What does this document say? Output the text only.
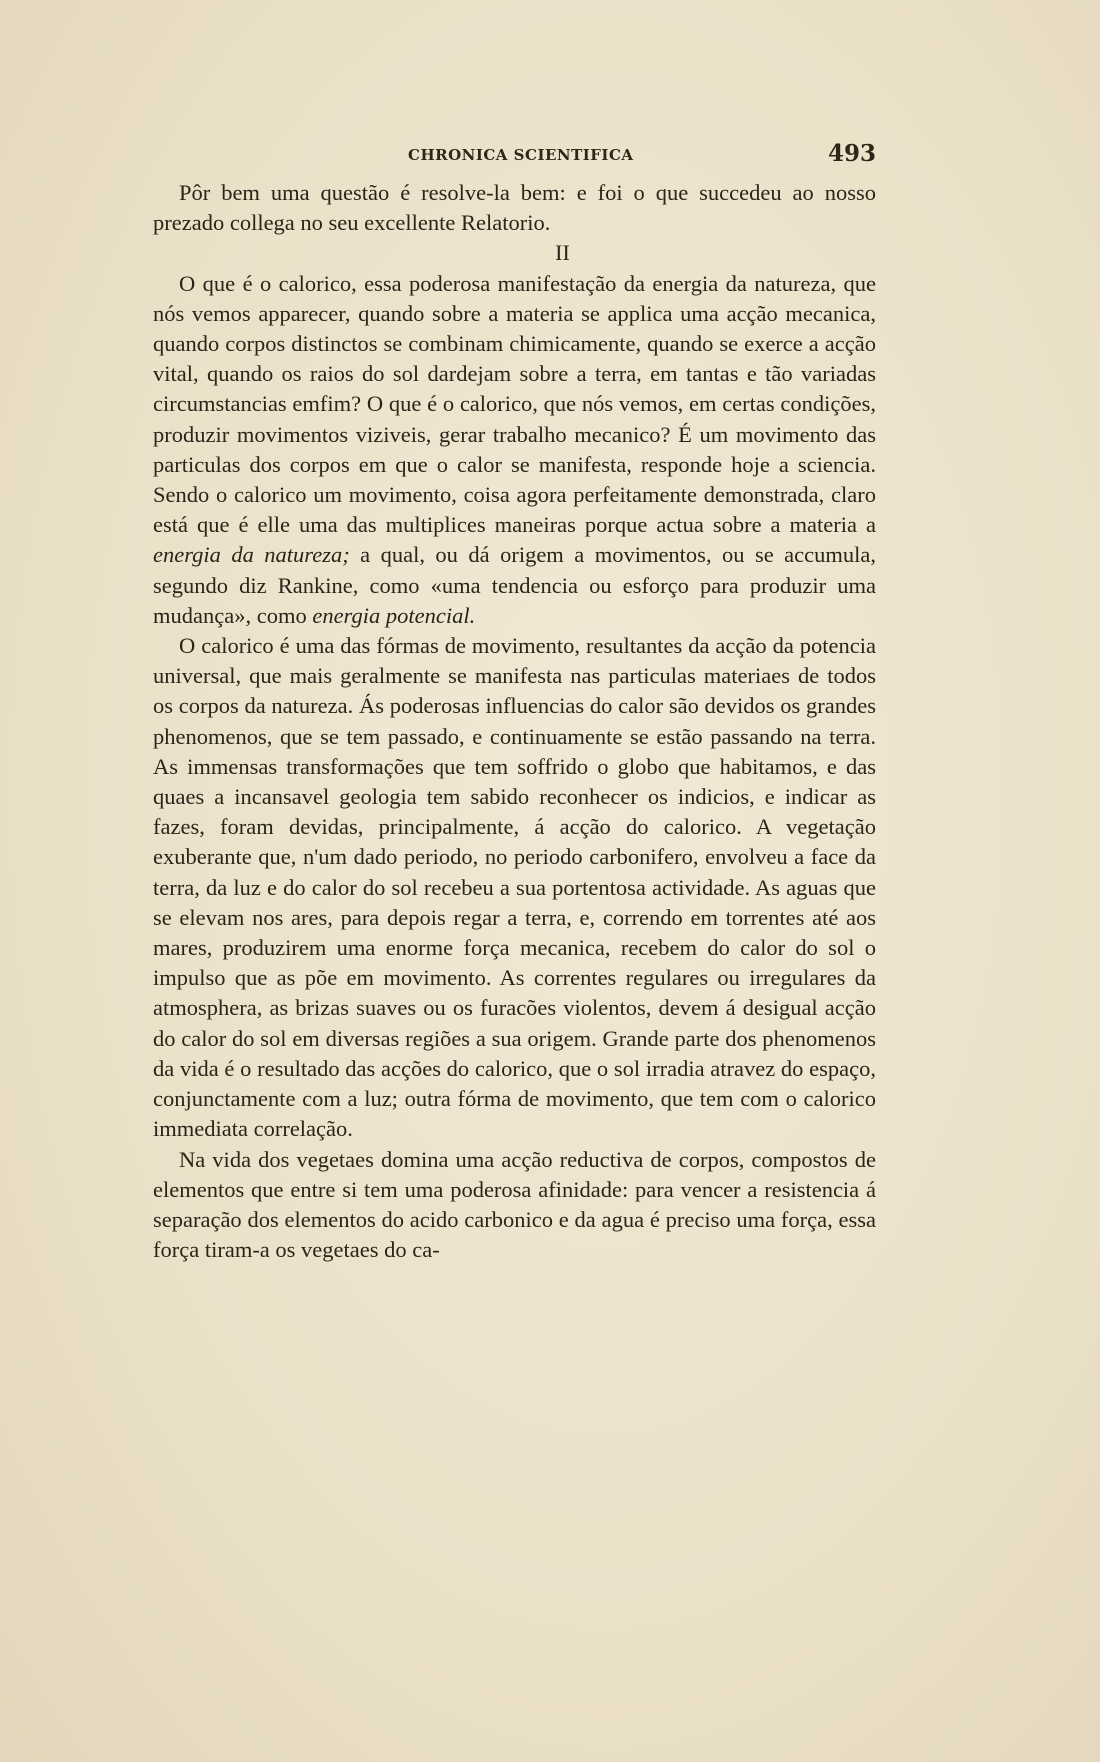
CHRONICA SCIENTIFICA	493

Pôr bem uma questão é resolve-la bem: e foi o que succedeu ao nosso prezado collega no seu excellente Relatorio.

II

O que é o calorico, essa poderosa manifestação da energia da natureza, que nós vemos apparecer, quando sobre a materia se applica uma acção mecanica, quando corpos distinctos se combinam chimicamente, quando se exerce a acção vital, quando os raios do sol dardejam sobre a terra, em tantas e tão variadas circumstancias emfim? O que é o calorico, que nós vemos, em certas condições, produzir movimentos viziveis, gerar trabalho mecanico? É um movimento das particulas dos corpos em que o calor se manifesta, responde hoje a sciencia. Sendo o calorico um movimento, coisa agora perfeitamente demonstrada, claro está que é elle uma das multiplices maneiras porque actua sobre a materia a energia da natureza; a qual, ou dá origem a movimentos, ou se accumula, segundo diz Rankine, como «uma tendencia ou esforço para produzir uma mudança», como energia potencial.

O calorico é uma das fórmas de movimento, resultantes da acção da potencia universal, que mais geralmente se manifesta nas particulas materiaes de todos os corpos da natureza. Ás poderosas influencias do calor são devidos os grandes phenomenos, que se tem passado, e continuamente se estão passando na terra. As immensas transformações que tem soffrido o globo que habitamos, e das quaes a incansavel geologia tem sabido reconhecer os indicios, e indicar as fazes, foram devidas, principalmente, á acção do calorico. A vegetação exuberante que, n'um dado periodo, no periodo carbonifero, envolveu a face da terra, da luz e do calor do sol recebeu a sua portentosa actividade. As aguas que se elevam nos ares, para depois regar a terra, e, correndo em torrentes até aos mares, produzirem uma enorme força mecanica, recebem do calor do sol o impulso que as põe em movimento. As correntes regulares ou irregulares da atmosphera, as brizas suaves ou os furacões violentos, devem á desigual acção do calor do sol em diversas regiões a sua origem. Grande parte dos phenomenos da vida é o resultado das acções do calorico, que o sol irradia atravez do espaço, conjunctamente com a luz; outra fórma de movimento, que tem com o calorico immediata correlação.

Na vida dos vegetaes domina uma acção reductiva de corpos, compostos de elementos que entre si tem uma poderosa afinidade: para vencer a resistencia á separação dos elementos do acido carbonico e da agua é preciso uma força, essa força tiram-a os vegetaes do ca-
